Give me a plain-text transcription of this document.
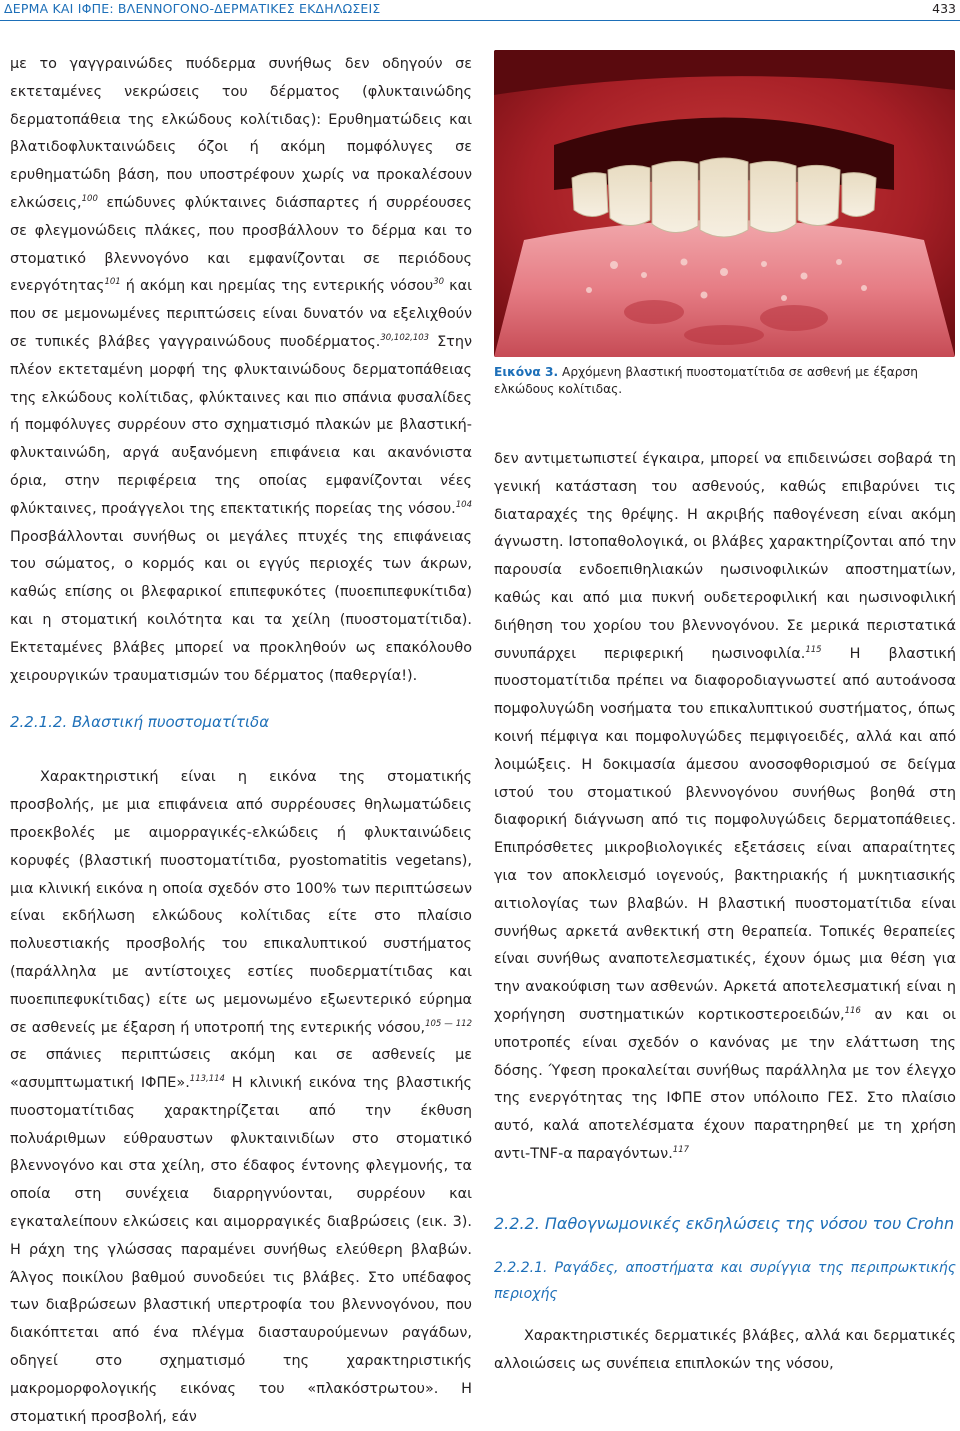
ΔΕΡΜΑ ΚΑΙ ΙΦΠΕ: ΒΛΕΝΝΟΓΟΝΟ-ΔΕΡΜΑΤΙΚΕΣ ΕΚΔΗΛΩΣΕΙΣ	433

με το γαγγραινώδες πυόδερμα συνήθως δεν οδηγούν σε εκτεταμένες νεκρώσεις του δέρματος (φλυκταινώδης δερματοπάθεια της ελκώδους κολίτιδας): Ερυθηματώδεις και βλατιδοφλυκταινώδεις όζοι ή ακόμη πομφόλυγες σε ερυθηματώδη βάση, που υποστρέφουν χωρίς να προκαλέσουν ελκώσεις,$^{100}$ επώδυνες φλύκταινες διάσπαρτες ή συρρέουσες σε φλεγμονώδεις πλάκες, που προσβάλλουν το δέρμα και το στοματικό βλεννογόνο και εμφανίζονται σε περιόδους ενεργότητας$^{101}$ ή ακόμη και ηρεμίας της εντερικής νόσου$^{30}$ και που σε μεμονωμένες περιπτώσεις είναι δυνατόν να εξελιχθούν σε τυπικές βλάβες γαγγραινώδους πυοδέρματος.$^{30,102,103}$ Στην πλέον εκτεταμένη μορφή της φλυκταινώδους δερματοπάθειας της ελκώδους κολίτιδας, φλύκταινες και πιο σπάνια φυσαλίδες ή πομφόλυγες συρρέουν στο σχηματισμό πλακών με βλαστική-φλυκταινώδη, αργά αυξανόμενη επιφάνεια και ακανόνιστα όρια, στην περιφέρεια της οποίας εμφανίζονται νέες φλύκταινες, προάγγελοι της επεκτατικής πορείας της νόσου.$^{104}$ Προσβάλλονται συνήθως οι μεγάλες πτυχές της επιφάνειας του σώματος, ο κορμός και οι εγγύς περιοχές των άκρων, καθώς επίσης οι βλεφαρικοί επιπεφυκότες (πυοεπιπεφυκίτιδα) και η στοματική κοιλότητα και τα χείλη (πυοστοματίτιδα). Εκτεταμένες βλάβες μπορεί να προκληθούν ως επακόλουθο χειρουργικών τραυματισμών του δέρματος (παθεργία!).

2.2.1.2. Βλαστική πυοστοματίτιδα

Χαρακτηριστική είναι η εικόνα της στοματικής προσβολής, με μια επιφάνεια από συρρέουσες θηλωματώδεις προεκβολές με αιμορραγικές-ελκώδεις ή φλυκταινώδεις κορυφές (βλαστική πυοστοματίτιδα, pyostomatitis vegetans), μια κλινική εικόνα η οποία σχεδόν στο 100% των περιπτώσεων είναι εκδήλωση ελκώδους κολίτιδας είτε στο πλαίσιο πολυεστιακής προσβολής του επικαλυπτικού συστήματος (παράλληλα με αντίστοιχες εστίες πυοδερματίτιδας και πυοεπιπεφυκίτιδας) είτε ως μεμονωμένο εξωεντερικό εύρημα σε ασθενείς με έξαρση ή υποτροπή της εντερικής νόσου,$^{105 — 112}$ σε σπάνιες περιπτώσεις ακόμη και σε ασθενείς με «ασυμπτωματική ΙΦΠΕ».$^{113,114}$ Η κλινική εικόνα της βλαστικής πυοστοματίτιδας χαρακτηρίζεται από την έκθυση πολυάριθμων εύθραυστων φλυκταινιδίων στο στοματικό βλεννογόνο και στα χείλη, στο έδαφος έντονης φλεγμονής, τα οποία στη συνέχεια διαρρηγνύονται, συρρέουν και εγκαταλείπουν ελκώσεις και αιμορραγικές διαβρώσεις (εικ. 3). Η ράχη της γλώσσας παραμένει συνήθως ελεύθερη βλαβών. Άλγος ποικίλου βαθμού συνοδεύει τις βλάβες. Στο υπέδαφος των διαβρώσεων βλαστική υπερτροφία του βλεννογόνου, που διακόπτεται από ένα πλέγμα διασταυρούμενων ραγάδων, οδηγεί στο σχηματισμό της χαρακτηριστικής μακρομορφολογικής εικόνας του «πλακόστρωτου». Η στοματική προσβολή, εάν

Εικόνα 3. Αρχόμενη βλαστική πυοστοματίτιδα σε ασθενή με έξαρση ελκώδους κολίτιδας.

δεν αντιμετωπιστεί έγκαιρα, μπορεί να επιδεινώσει σοβαρά τη γενική κατάσταση του ασθενούς, καθώς επιβαρύνει τις διαταραχές της θρέψης. Η ακριβής παθογένεση είναι ακόμη άγνωστη. Ιστοπαθολογικά, οι βλάβες χαρακτηρίζονται από την παρουσία ενδοεπιθηλιακών ηωσινοφιλικών αποστηματίων, καθώς και από μια πυκνή ουδετεροφιλική και ηωσινοφιλική διήθηση του χορίου του βλεννογόνου. Σε μερικά περιστατικά συνυπάρχει περιφερική ηωσινοφιλία.$^{115}$ Η βλαστική πυοστοματίτιδα πρέπει να διαφοροδιαγνωστεί από αυτοάνοσα πομφολυγώδη νοσήματα του επικαλυπτικού συστήματος, όπως κοινή πέμφιγα και πομφολυγώδες πεμφιγοειδές, αλλά και από λοιμώξεις. Η δοκιμασία άμεσου ανοσοφθορισμού σε δείγμα ιστού του στοματικού βλεννογόνου συνήθως βοηθά στη διαφορική διάγνωση από τις πομφολυγώδεις δερματοπάθειες. Επιπρόσθετες μικροβιολογικές εξετάσεις είναι απαραίτητες για τον αποκλεισμό ιογενούς, βακτηριακής ή μυκητιασικής αιτιολογίας των βλαβών. Η βλαστική πυοστοματίτιδα είναι συνήθως αρκετά ανθεκτική στη θεραπεία. Τοπικές θεραπείες είναι συνήθως αναποτελεσματικές, έχουν όμως μια θέση για την ανακούφιση των ασθενών. Αρκετά αποτελεσματική είναι η χορήγηση συστηματικών κορτικοστεροειδών,$^{116}$ αν και οι υποτροπές είναι σχεδόν ο κανόνας με την ελάττωση της δόσης. Ύφεση προκαλείται συνήθως παράλληλα με τον έλεγχο της ενεργότητας της ΙΦΠΕ στον υπόλοιπο ΓΕΣ. Στο πλαίσιο αυτό, καλά αποτελέσματα έχουν παρατηρηθεί με τη χρήση αντι-TNF-α παραγόντων.$^{117}$

2.2.2. Παθογνωμονικές εκδηλώσεις της νόσου του Crohn
2.2.2.1. Ραγάδες, αποστήματα και συρίγγια της περιπρωκτικής περιοχής

Χαρακτηριστικές δερματικές βλάβες, αλλά και δερματικές αλλοιώσεις ως συνέπεια επιπλοκών της νόσου,
